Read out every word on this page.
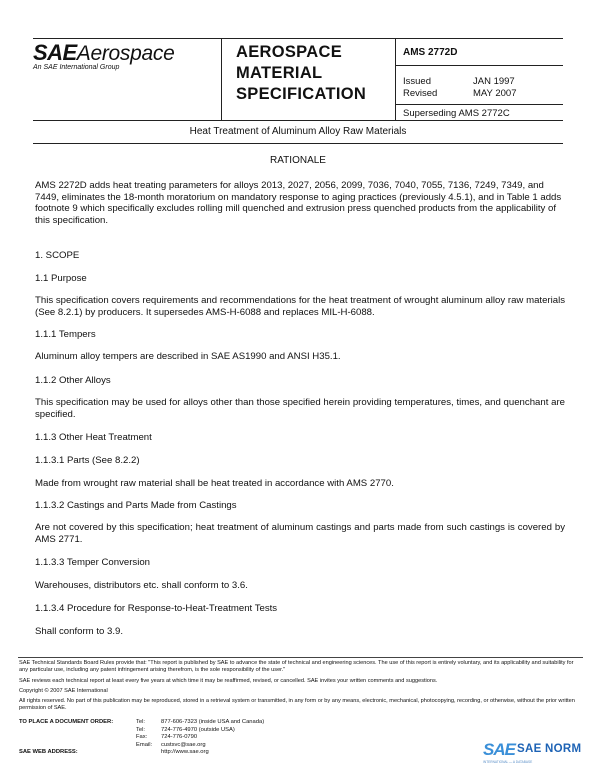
SAEAerospace
An SAE International Group
AEROSPACE
MATERIAL
SPECIFICATION
AMS 2772D
Issued	JAN 1997
Revised	MAY 2007
Superseding AMS 2772C
Heat Treatment of Aluminum Alloy Raw Materials
RATIONALE
AMS 2272D adds heat treating parameters for alloys 2013, 2027, 2056, 2099, 7036, 7040, 7055, 7136, 7249, 7349, and 7449, eliminates the 18-month moratorium on mandatory response to aging practices (previously 4.5.1), and in Table 1 adds footnote 9 which specifically excludes rolling mill quenched and extrusion press quenched products from the applicability of this specification.
1. SCOPE
1.1 Purpose
This specification covers requirements and recommendations for the heat treatment of wrought aluminum alloy raw materials (See 8.2.1) by producers. It supersedes AMS-H-6088 and replaces MIL-H-6088.
1.1.1 Tempers
Aluminum alloy tempers are described in SAE AS1990 and ANSI H35.1.
1.1.2 Other Alloys
This specification may be used for alloys other than those specified herein providing temperatures, times, and quenchant are specified.
1.1.3 Other Heat Treatment
1.1.3.1 Parts (See 8.2.2)
Made from wrought raw material shall be heat treated in accordance with AMS 2770.
1.1.3.2 Castings and Parts Made from Castings
Are not covered by this specification; heat treatment of aluminum castings and parts made from such castings is covered by AMS 2771.
1.1.3.3 Temper Conversion
Warehouses, distributors etc. shall conform to 3.6.
1.1.3.4 Procedure for Response-to-Heat-Treatment Tests
Shall conform to 3.9.
SAE Technical Standards Board Rules provide that: "This report is published by SAE to advance the state of technical and engineering sciences. The use of this report is entirely voluntary, and its applicability and suitability for any particular use, including any patent infringement arising therefrom, is the sole responsibility of the user."
SAE reviews each technical report at least every five years at which time it may be reaffirmed, revised, or cancelled. SAE invites your written comments and suggestions.
Copyright © 2007 SAE International
All rights reserved. No part of this publication may be reproduced, stored in a retrieval system or transmitted, in any form or by any means, electronic, mechanical, photocopying, recording, or otherwise, without the prior written permission of SAE.
TO PLACE A DOCUMENT ORDER:	Tel:	877-606-7323 (inside USA and Canada)
Tel:	724-776-4970 (outside USA)
Fax:	724-776-0790
Email:	custsvc@sae.org
SAE WEB ADDRESS:	http://www.sae.org	SAE SAE NORM
INTERNATIONAL — A DATABASE
